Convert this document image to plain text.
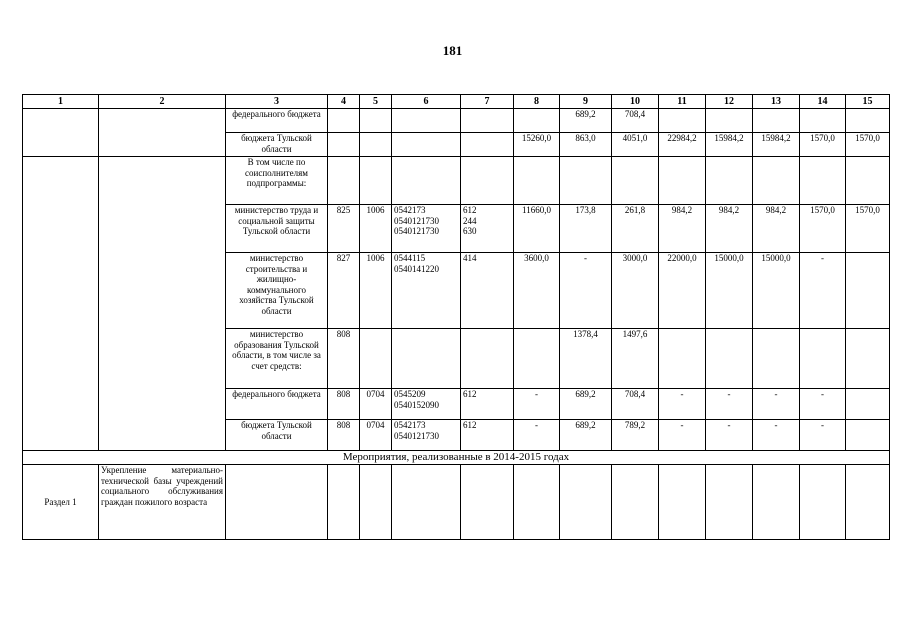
181
1	2	3	4	5	6	7	8	9	10	11	12	13	14	15
		федерального бюджета						689,2	708,4					
		бюджета Тульской области					15260,0	863,0	4051,0	22984,2	15984,2	15984,2	1570,0	1570,0
		В том числе по соисполнителям подпрограммы:												
		министерство труда и социальной защиты Тульской области	825	1006	0542173
0540121730
0540121730	612
244
630	11660,0	173,8	261,8	984,2	984,2	984,2	1570,0	1570,0
		министерство строительства и жилищно-коммунального хозяйства Тульской области	827	1006	0544115
0540141220	414	3600,0	-	3000,0	22000,0	15000,0	15000,0	-	
		министерство образования Тульской области, в том числе за счет средств:	808					1378,4	1497,6					
		федерального бюджета	808	0704	0545209
0540152090	612	-	689,2	708,4	-	-	-	-	
		бюджета Тульской области	808	0704	0542173
0540121730	612	-	689,2	789,2	-	-	-	-	
Мероприятия, реализованные в 2014-2015 годах														
Раздел 1	Укрепление материально-технической базы учреждений социального обслуживания граждан пожилого возраста													
